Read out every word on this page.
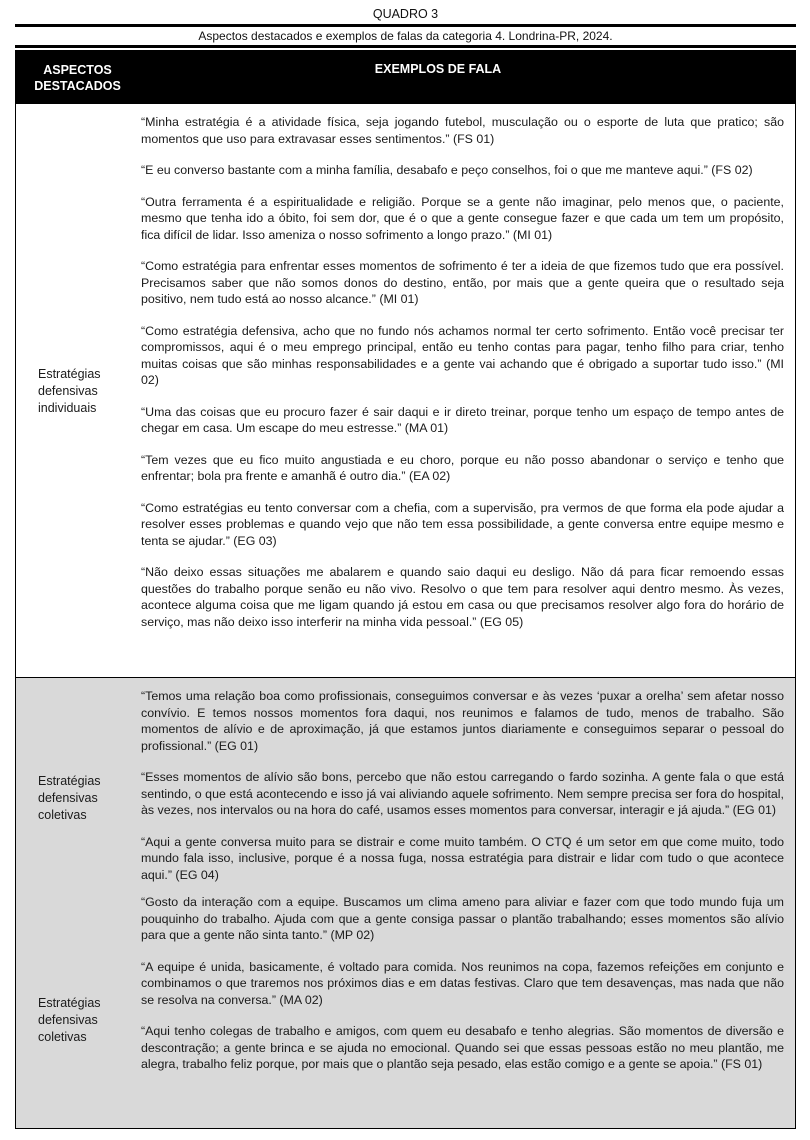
QUADRO 3
Aspectos destacados e exemplos de falas da categoria 4. Londrina-PR, 2024.
ASPECTOS
DESTACADOS
EXEMPLOS DE FALA
Estratégias
defensivas
individuais

“Minha estratégia é a atividade física, seja jogando futebol, musculação ou o esporte de luta que pratico; são momentos que uso para extravasar esses sentimentos.” (FS 01)

“E eu converso bastante com a minha família, desabafo e peço conselhos, foi o que me manteve aqui.” (FS 02)

“Outra ferramenta é a espiritualidade e religião. Porque se a gente não imaginar, pelo menos que, o paciente, mesmo que tenha ido a óbito, foi sem dor, que é o que a gente consegue fazer e que cada um tem um propósito, fica difícil de lidar. Isso ameniza o nosso sofrimento a longo prazo.” (MI 01)

“Como estratégia para enfrentar esses momentos de sofrimento é ter a ideia de que fizemos tudo que era possível. Precisamos saber que não somos donos do destino, então, por mais que a gente queira que o resultado seja positivo, nem tudo está ao nosso alcance.” (MI 01)

“Como estratégia defensiva, acho que no fundo nós achamos normal ter certo sofrimento. Então você precisar ter compromissos, aqui é o meu emprego principal, então eu tenho contas para pagar, tenho filho para criar, tenho muitas coisas que são minhas responsabilidades e a gente vai achando que é obrigado a suportar tudo isso.” (MI 02)

“Uma das coisas que eu procuro fazer é sair daqui e ir direto treinar, porque tenho um espaço de tempo antes de chegar em casa. Um escape do meu estresse.” (MA 01)

“Tem vezes que eu fico muito angustiada e eu choro, porque eu não posso abandonar o serviço e tenho que enfrentar; bola pra frente e amanhã é outro dia.” (EA 02)

“Como estratégias eu tento conversar com a chefia, com a supervisão, pra vermos de que forma ela pode ajudar a resolver esses problemas e quando vejo que não tem essa possibilidade, a gente conversa entre equipe mesmo e tenta se ajudar.” (EG 03)

“Não deixo essas situações me abalarem e quando saio daqui eu desligo. Não dá para ficar remoendo essas questões do trabalho porque senão eu não vivo. Resolvo o que tem para resolver aqui dentro mesmo. Às vezes, acontece alguma coisa que me ligam quando já estou em casa ou que precisamos resolver algo fora do horário de serviço, mas não deixo isso interferir na minha vida pessoal.” (EG 05)

Estratégias
defensivas
coletivas
Estratégias
defensivas
coletivas

“Temos uma relação boa como profissionais, conseguimos conversar e às vezes ‘puxar a orelha’ sem afetar nosso convívio. E temos nossos momentos fora daqui, nos reunimos e falamos de tudo, menos de trabalho. São momentos de alívio e de aproximação, já que estamos juntos diariamente e conseguimos separar o pessoal do profissional.” (EG 01)

“Esses momentos de alívio são bons, percebo que não estou carregando o fardo sozinha. A gente fala o que está sentindo, o que está acontecendo e isso já vai aliviando aquele sofrimento. Nem sempre precisa ser fora do hospital, às vezes, nos intervalos ou na hora do café, usamos esses momentos para conversar, interagir e já ajuda.” (EG 01)

“Aqui a gente conversa muito para se distrair e come muito também. O CTQ é um setor em que come muito, todo mundo fala isso, inclusive, porque é a nossa fuga, nossa estratégia para distrair e lidar com tudo o que acontece aqui.” (EG 04)

“Gosto da interação com a equipe. Buscamos um clima ameno para aliviar e fazer com que todo mundo fuja um pouquinho do trabalho. Ajuda com que a gente consiga passar o plantão trabalhando; esses momentos são alívio para que a gente não sinta tanto.” (MP 02)

“A equipe é unida, basicamente, é voltado para comida. Nos reunimos na copa, fazemos refeições em conjunto e combinamos o que traremos nos próximos dias e em datas festivas. Claro que tem desavenças, mas nada que não se resolva na conversa.” (MA 02)

“Aqui tenho colegas de trabalho e amigos, com quem eu desabafo e tenho alegrias. São momentos de diversão e descontração; a gente brinca e se ajuda no emocional. Quando sei que essas pessoas estão no meu plantão, me alegra, trabalho feliz porque, por mais que o plantão seja pesado, elas estão comigo e a gente se apoia.” (FS 01)
